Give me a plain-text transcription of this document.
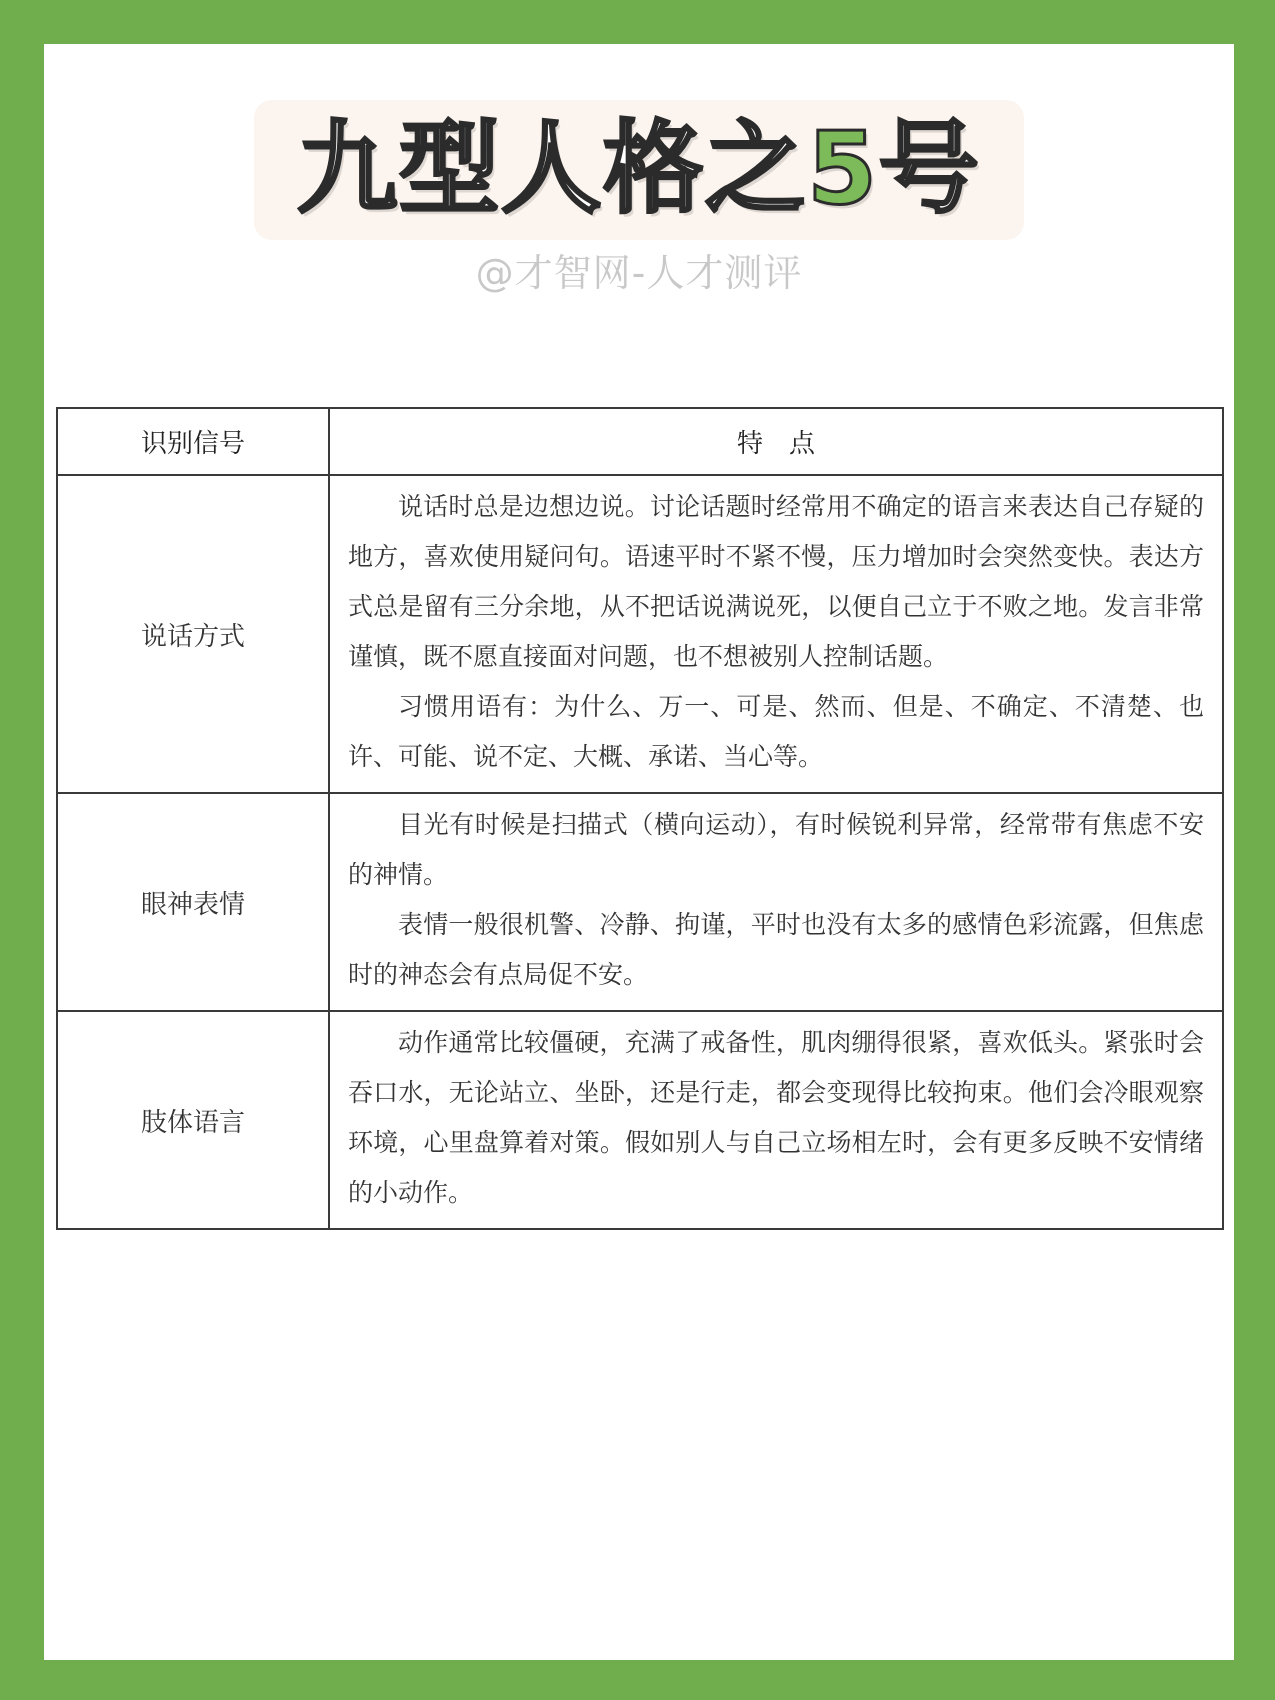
九型人格之5号
@才智网-人才测评
识别信号	特　点
说话方式	说话时总是边想边说。讨论话题时经常用不确定的语言来表达自己存疑的地方，喜欢使用疑问句。语速平时不紧不慢，压力增加时会突然变快。表达方式总是留有三分余地，从不把话说满说死，以便自己立于不败之地。发言非常谨慎，既不愿直接面对问题，也不想被别人控制话题。

习惯用语有：为什么、万一、可是、然而、但是、不确定、不清楚、也许、可能、说不定、大概、承诺、当心等。

眼神表情	目光有时候是扫描式（横向运动），有时候锐利异常，经常带有焦虑不安的神情。

表情一般很机警、冷静、拘谨，平时也没有太多的感情色彩流露，但焦虑时的神态会有点局促不安。

肢体语言	动作通常比较僵硬，充满了戒备性，肌肉绷得很紧，喜欢低头。紧张时会吞口水，无论站立、坐卧，还是行走，都会变现得比较拘束。他们会冷眼观察环境，心里盘算着对策。假如别人与自己立场相左时，会有更多反映不安情绪的小动作。
